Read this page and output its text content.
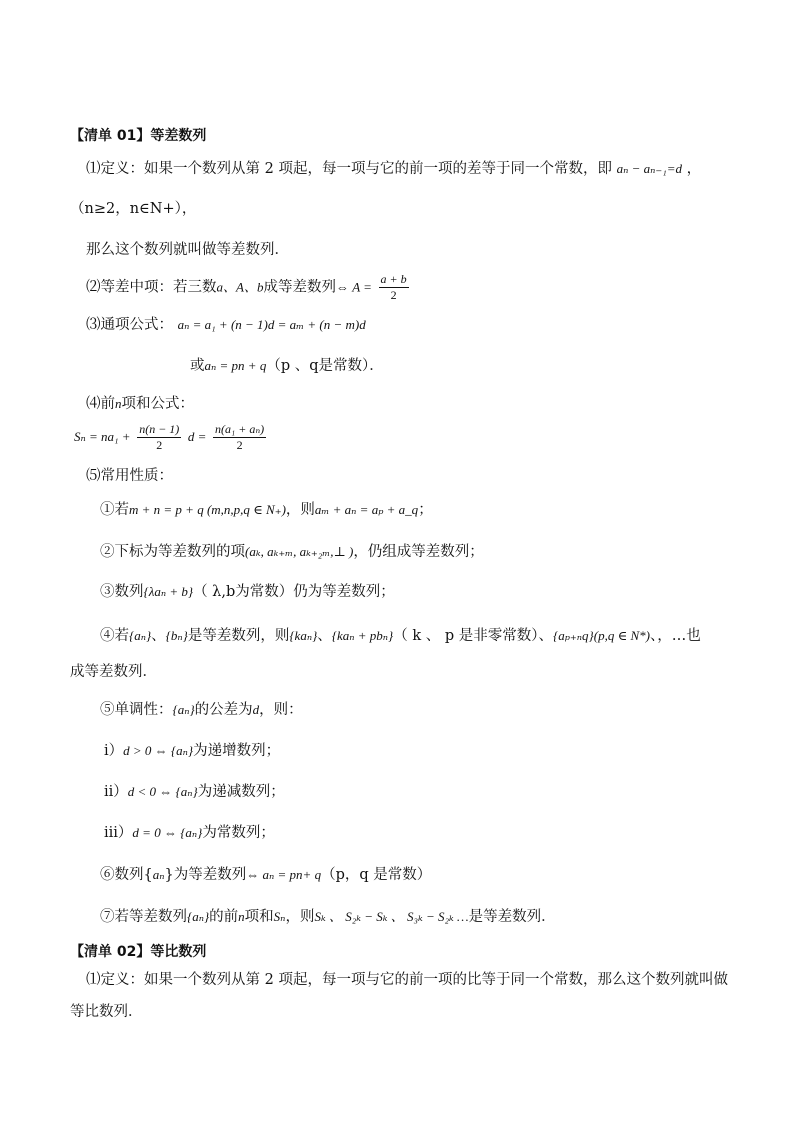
【清单 01】等差数列
⑴定义：如果一个数列从第 2 项起，每一项与它的前一项的差等于同一个常数，即 aₙ − aₙ₋₁=d ，
（n≥2，n∈N+），
那么这个数列就叫做等差数列．
⑵等差中项：若三数a、A、b成等差数列⇔ $A = \frac{a + b}{2}$
⑶通项公式： aₙ = a₁ + (n − 1)d = aₘ + (n − m)d
或aₙ = pn + q（p 、q是常数）．
⑷前n项和公式：
$S_n = na_1 + \frac{n(n - 1)}{2}$ $d = \frac{\text{n(a₁ + aₙ)}}{2}$
⑸常用性质：
①若m + n = p + q (m,n,p,q ∈ N₊)，则aₘ + aₙ = aₚ + a_q；
②下标为等差数列的项(aₖ, aₖ₊ₘ, aₖ₊₂ₘ,⊥ )，仍组成等差数列；
③数列{λaₙ + b}（ λ,b为常数）仍为等差数列；
④若{aₙ}、{bₙ}是等差数列，则{kaₙ}、{kaₙ + pbₙ}（ k 、 p 是非零常数）、{aₚ₊ₙq}(p,q ∈ N*)、，…也
成等差数列．
⑤单调性：{aₙ}的公差为d，则：
ⅰ）d > 0 ⇔ {aₙ}为递增数列；
ⅱ）d < 0 ⇔ {aₙ}为递减数列；
ⅲ）d = 0 ⇔ {aₙ}为常数列；
⑥数列{aₙ}为等差数列⇔ aₙ = pn+ q（p，q 是常数）
⑦若等差数列{aₙ}的前n项和Sₙ，则Sₖ 、 S₂ₖ − Sₖ 、 S₃ₖ − S₂ₖ …是等差数列．
【清单 02】等比数列
⑴定义：如果一个数列从第 2 项起，每一项与它的前一项的比等于同一个常数，那么这个数列就叫做
等比数列．
